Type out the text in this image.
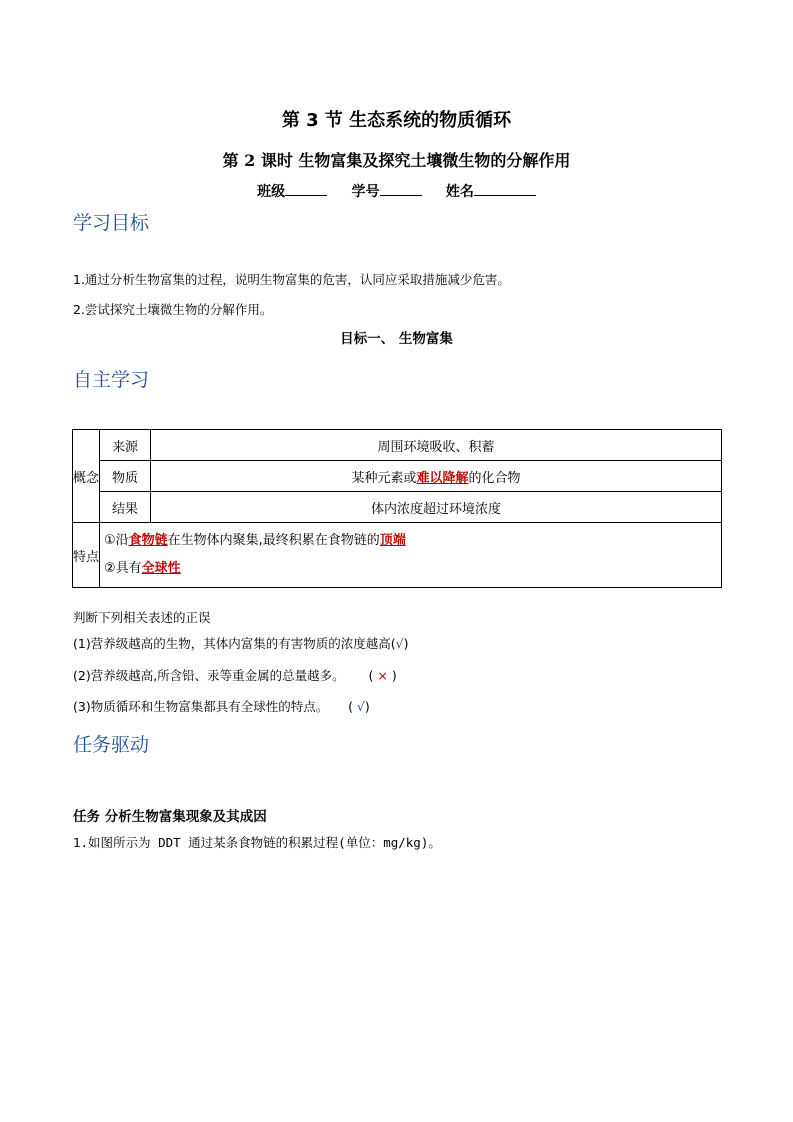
第 3 节 生态系统的物质循环
第 2 课时 生物富集及探究土壤微生物的分解作用
班级	学号	姓名
学习目标
1.通过分析生物富集的过程，说明生物富集的危害，认同应采取措施减少危害。
2.尝试探究土壤微生物的分解作用。
目标一、 生物富集
自主学习
概念	来源	周围环境吸收、积蓄
	物质	某种元素或难以降解的化合物
	结果	体内浓度超过环境浓度
特点	①沿食物链在生物体内聚集,最终积累在食物链的顶端
②具有全球性	
判断下列相关表述的正误
(1)营养级越高的生物，其体内富集的有害物质的浓度越高(√)
(2)营养级越高,所含铅、汞等重金属的总量越多。      ( × )
(3)物质循环和生物富集都具有全球性的特点。     ( √)
任务驱动
任务 分析生物富集现象及其成因
1.如图所示为 DDT 通过某条食物链的积累过程(单位：mg/kg)。
